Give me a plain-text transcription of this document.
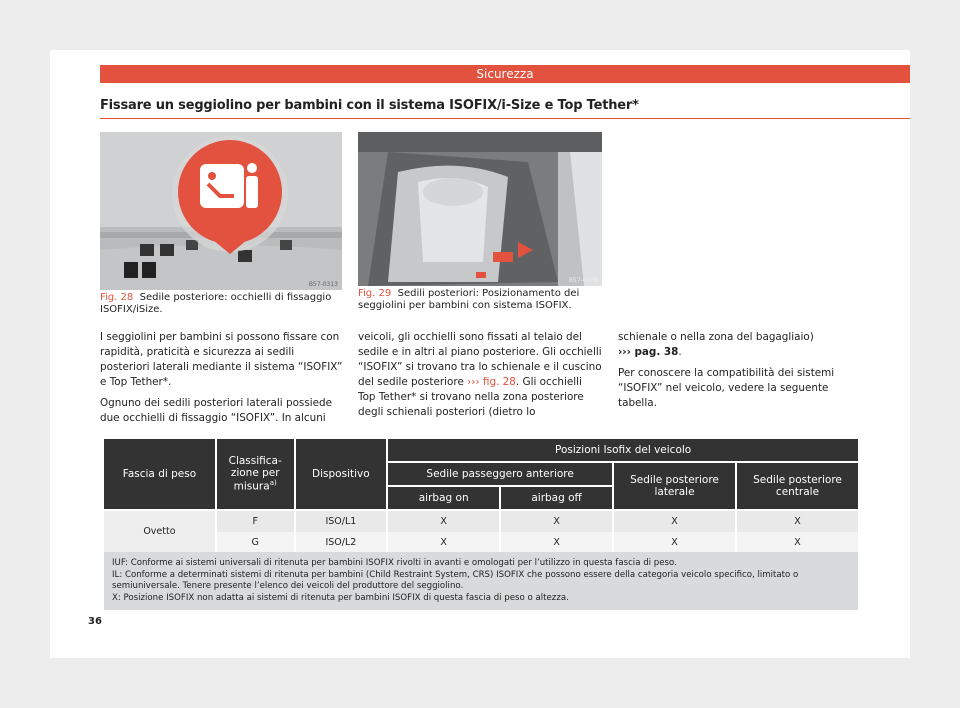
Sicurezza
Fissare un seggiolino per bambini con il sistema ISOFIX/i-Size e Top Tether*
B57-0313
Fig. 28 Sedile posteriore: occhielli di fissaggio ISOFIX/iSize.
B57-0359
Fig. 29 Sedili posteriori: Posizionamento dei seggiolini per bambini con sistema ISOFIX.

I seggiolini per bambini si possono fissare con rapidità, praticità e sicurezza ai sedili posteriori laterali mediante il sistema “ISOFIX” e Top Tether*.

Ognuno dei sedili posteriori laterali possiede due occhielli di fissaggio “ISOFIX”. In alcuni

veicoli, gli occhielli sono fissati al telaio del sedile e in altri al piano posteriore. Gli occhielli “ISOFIX” si trovano tra lo schienale e il cuscino del sedile posteriore ››› fig. 28. Gli occhielli Top Tether* si trovano nella zona posteriore degli schienali posteriori (dietro lo

schienale o nella zona del bagagliaio)
››› pag. 38.

Per conoscere la compatibilità dei sistemi “ISOFIX” nel veicolo, vedere la seguente tabella.

36
Fascia di peso	Classifica-zione per misura$^{a)}$	Dispositivo	Posizioni Isofix del veicolo			
			Sedile passeggero anteriore		Sedile posteriore laterale	Sedile posteriore centrale
			airbag on	airbag off		
Ovetto	F	ISO/L1	X	X	X	X
	G	ISO/L2	X	X	X	X

IUF: Conforme ai sistemi universali di ritenuta per bambini ISOFIX rivolti in avanti e omologati per l’utilizzo in questa fascia di peso.
IL: Conforme a determinati sistemi di ritenuta per bambini (Child Restraint System, CRS) ISOFIX che possono essere della categoria veicolo specifico, limitato o semiuniversale. Tenere presente l’elenco dei veicoli del produttore del seggiolino.
X: Posizione ISOFIX non adatta ai sistemi di ritenuta per bambini ISOFIX di questa fascia di peso o altezza.						
